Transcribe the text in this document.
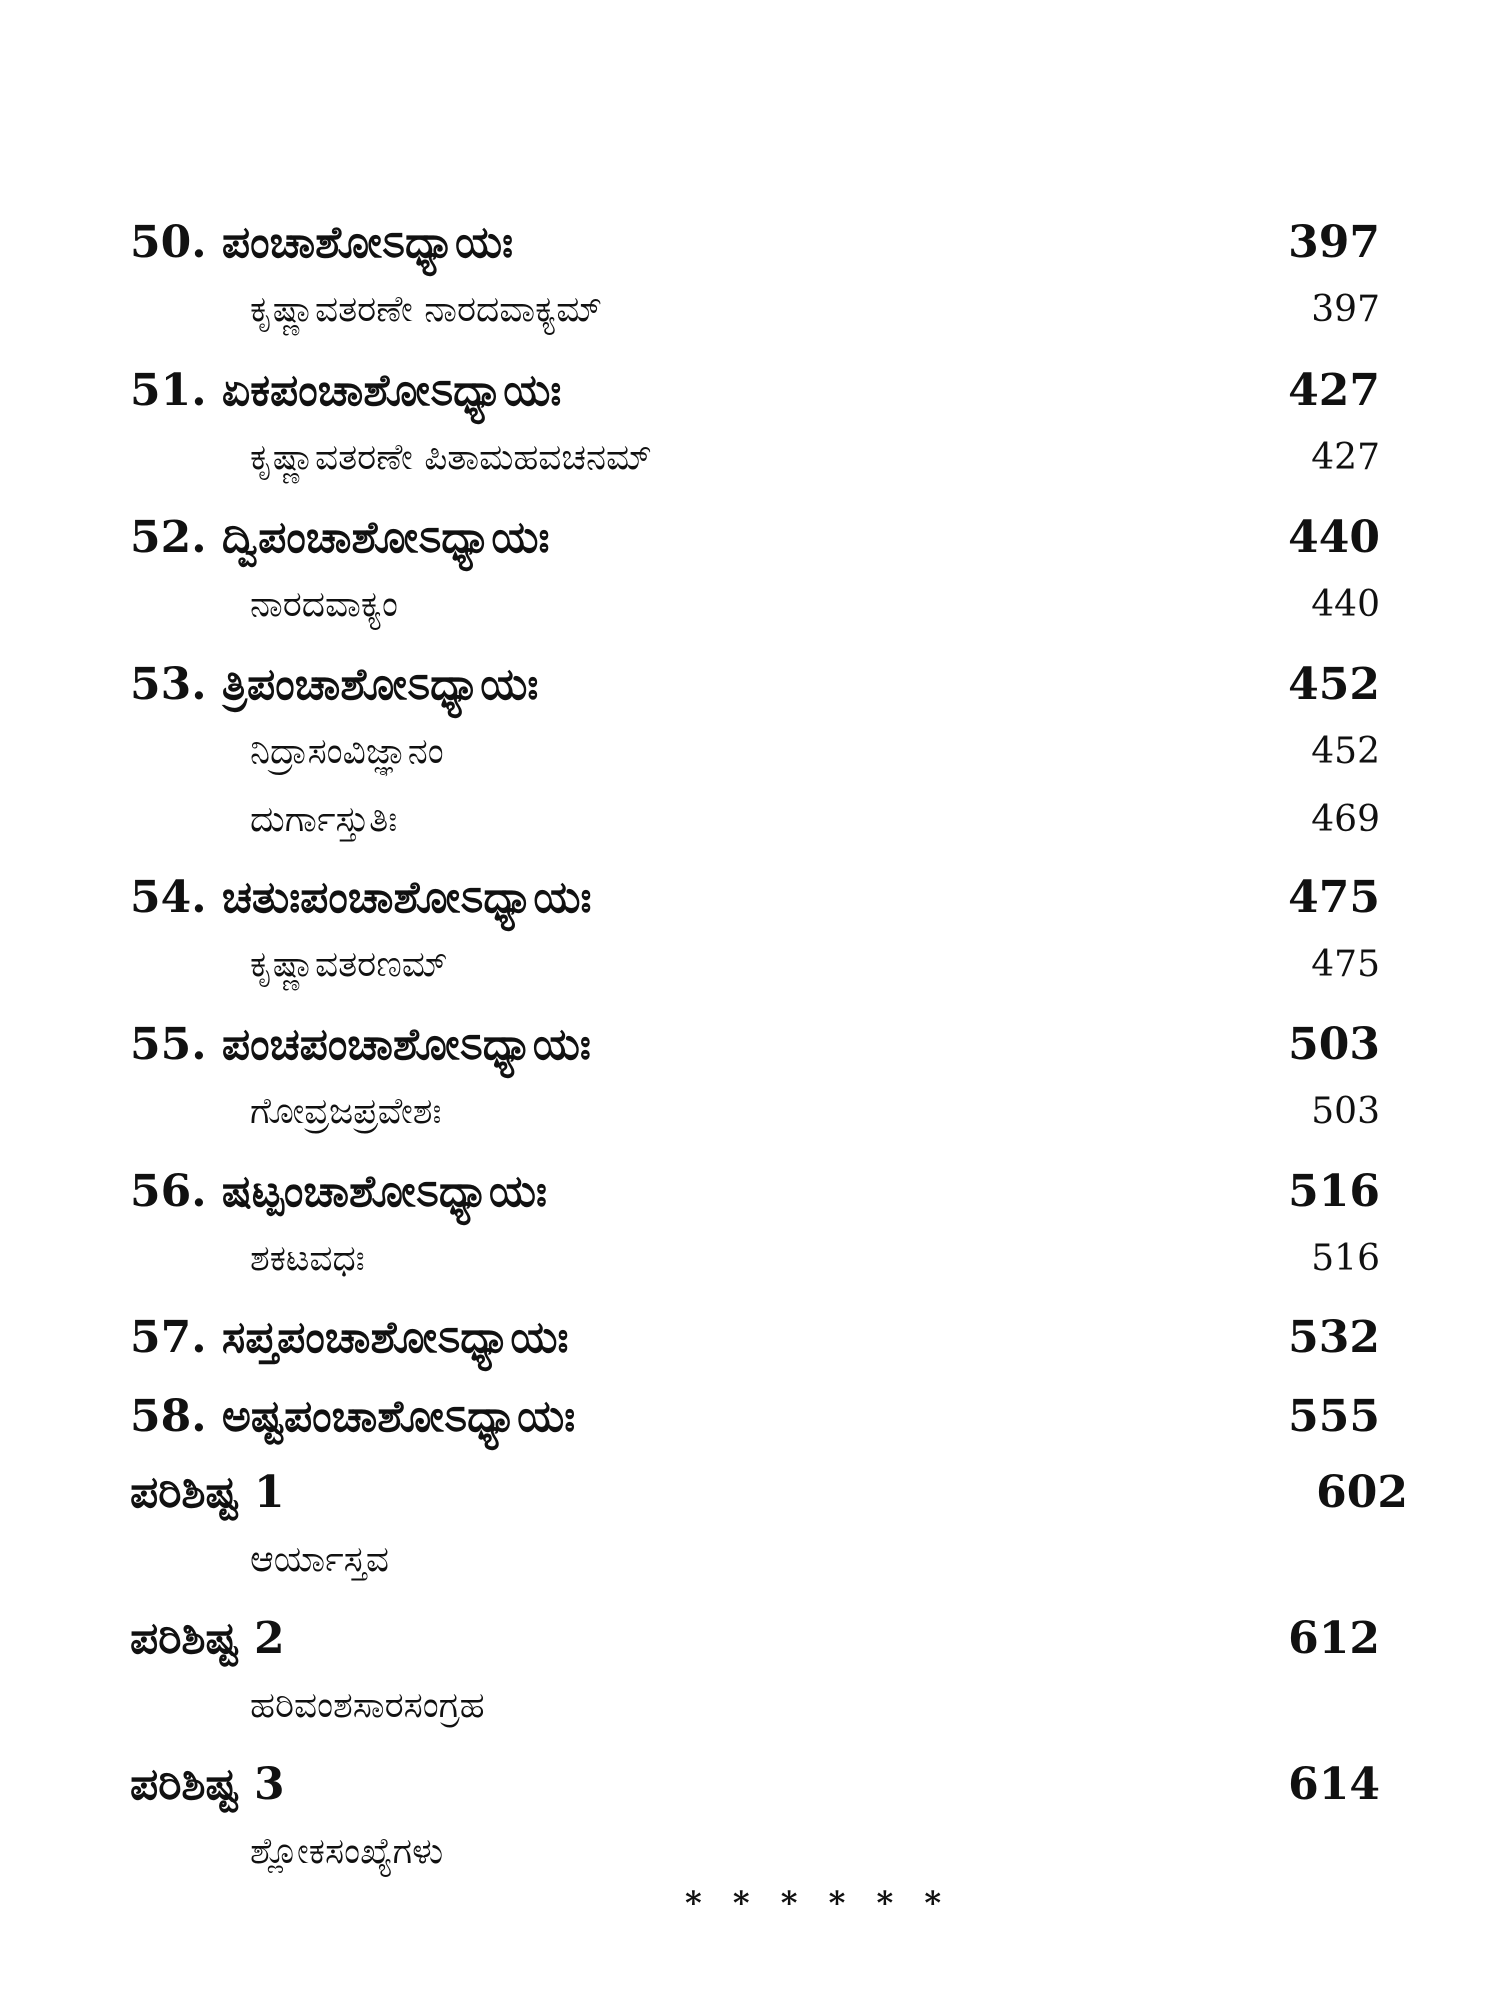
50. ಪಂಚಾಶೋಽಧ್ಯಾಯಃ	397
ಕೃಷ್ಣಾವತರಣೇ ನಾರದವಾಕ್ಯಮ್	397
51. ಏಕಪಂಚಾಶೋಽಧ್ಯಾಯಃ	427
ಕೃಷ್ಣಾವತರಣೇ ಪಿತಾಮಹವಚನಮ್	427
52. ದ್ವಿಪಂಚಾಶೋಽಧ್ಯಾಯಃ	440
ನಾರದವಾಕ್ಯಂ	440
53. ತ್ರಿಪಂಚಾಶೋಽಧ್ಯಾಯಃ	452
ನಿದ್ರಾಸಂವಿಜ್ಞಾನಂ	452
ದುರ್ಗಾಸ್ತುತಿಃ	469
54. ಚತುಃಪಂಚಾಶೋಽಧ್ಯಾಯಃ	475
ಕೃಷ್ಣಾವತರಣಮ್	475
55. ಪಂಚಪಂಚಾಶೋಽಧ್ಯಾಯಃ	503
ಗೋವ್ರಜಪ್ರವೇಶಃ	503
56. ಷಟ್ಪಂಚಾಶೋಽಧ್ಯಾಯಃ	516
ಶಕಟವಧಃ	516
57. ಸಪ್ತಪಂಚಾಶೋಽಧ್ಯಾಯಃ	532
58. ಅಷ್ಟಪಂಚಾಶೋಽಧ್ಯಾಯಃ	555
ಪರಿಶಿಷ್ಟ 1	602
ಆರ್ಯಾಸ್ತವ
ಪರಿಶಿಷ್ಟ 2	612
ಹರಿವಂಶಸಾರಸಂಗ್ರಹ
ಪರಿಶಿಷ್ಟ 3	614
ಶ್ಲೋಕಸಂಖ್ಯೆಗಳು
* * * * * *
